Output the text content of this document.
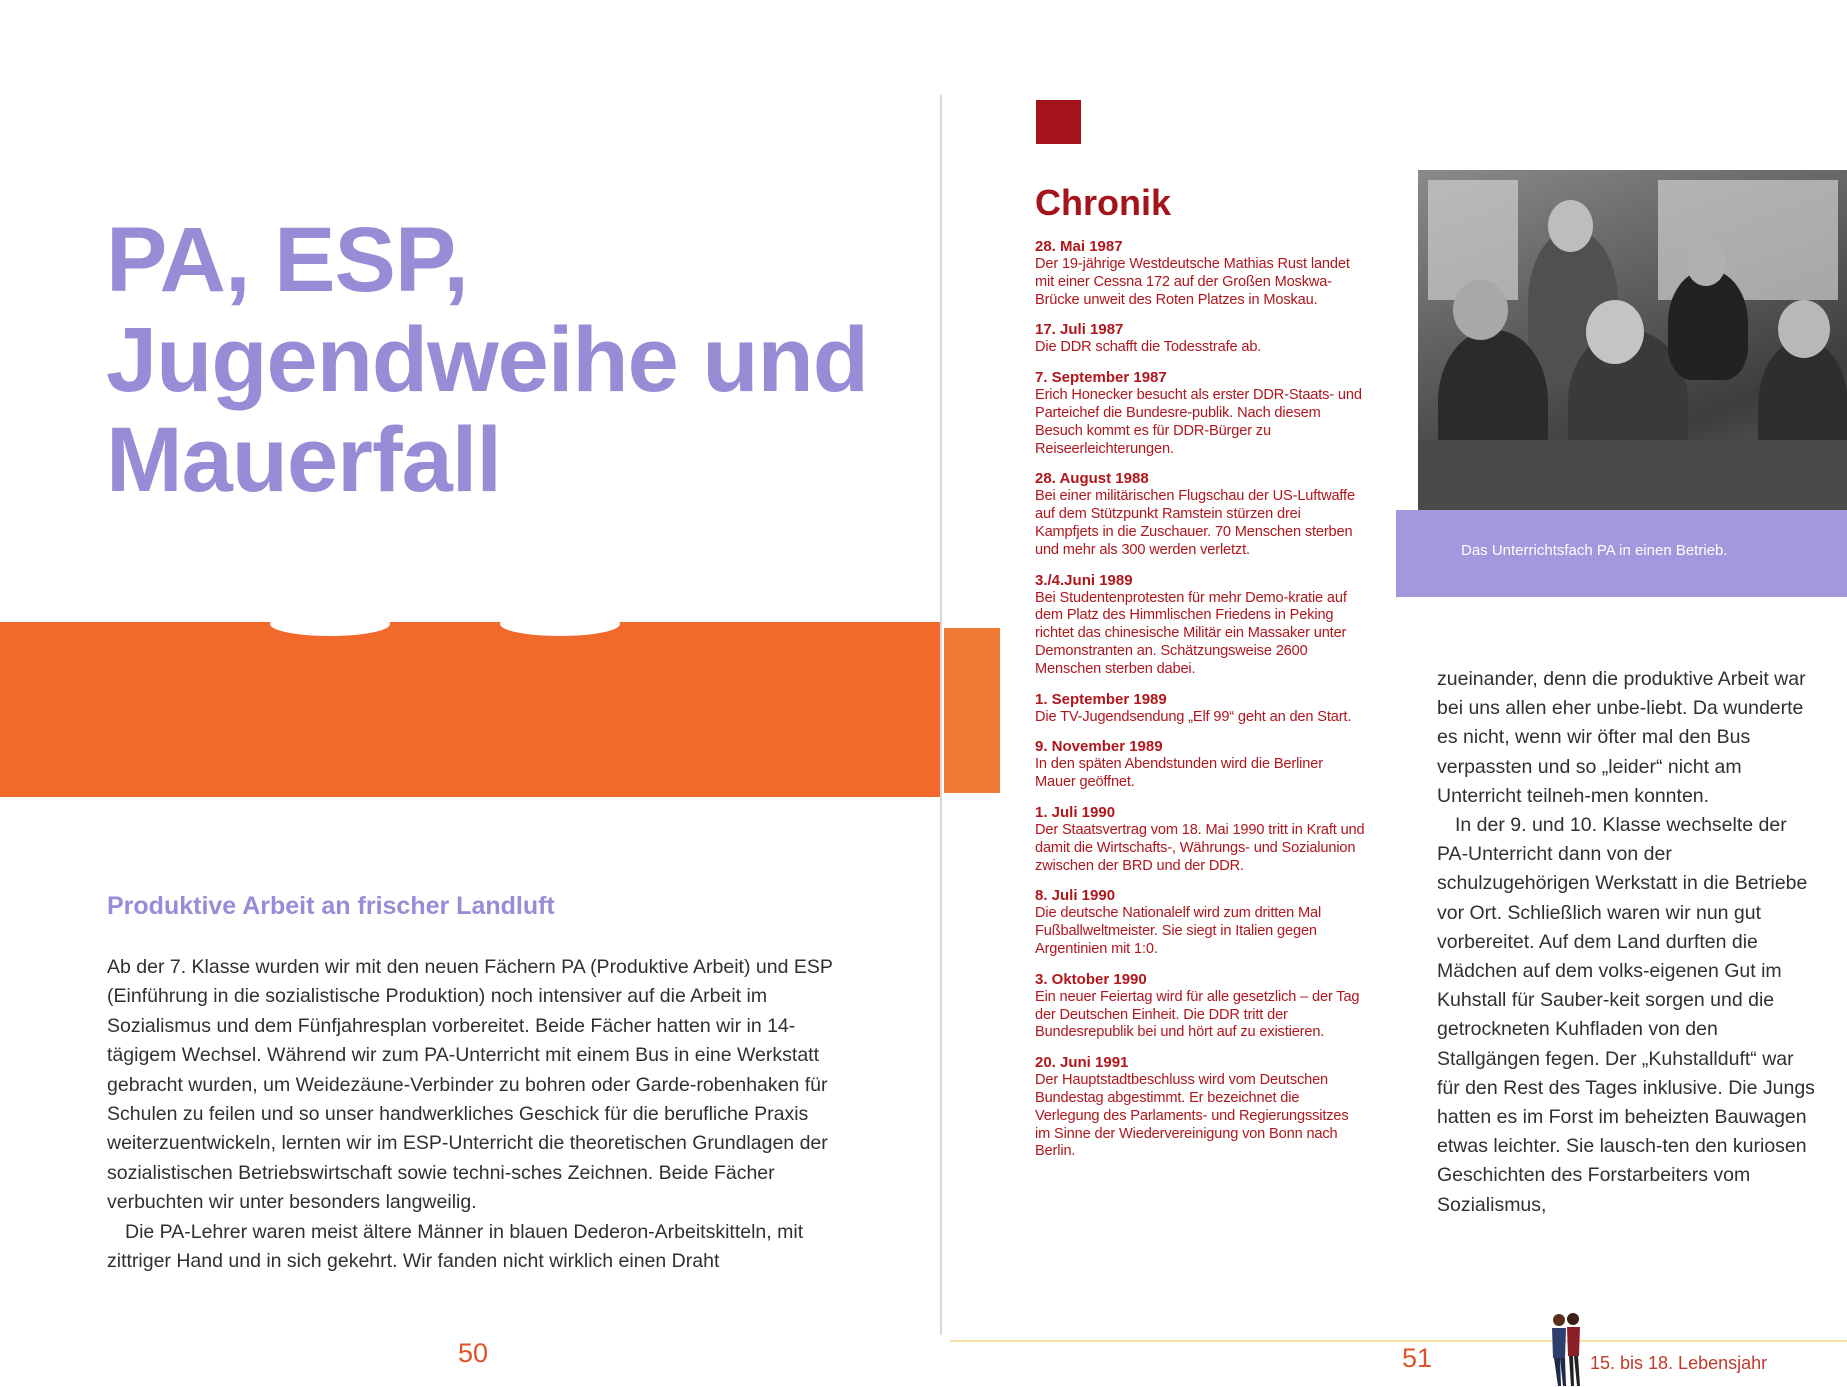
PA, ESP,
Jugendweihe und
Mauerfall
Produktive Arbeit an frischer Landluft

Ab der 7. Klasse wurden wir mit den neuen Fächern PA (Produktive Arbeit) und ESP (Einführung in die sozialistische Produktion) noch intensiver auf die Arbeit im Sozialismus und dem Fünfjahresplan vorbereitet. Beide Fächer hatten wir in 14-tägigem Wechsel. Während wir zum PA-Unterricht mit einem Bus in eine Werkstatt gebracht wurden, um Weidezäune-Verbinder zu bohren oder Garde-robenhaken für Schulen zu feilen und so unser handwerkliches Geschick für die berufliche Praxis weiterzuentwickeln, lernten wir im ESP-Unterricht die theoretischen Grundlagen der sozialistischen Betriebswirtschaft sowie techni-sches Zeichnen. Beide Fächer verbuchten wir unter besonders langweilig.

Die PA-Lehrer waren meist ältere Männer in blauen Dederon-Arbeitskitteln, mit zittriger Hand und in sich gekehrt. Wir fanden nicht wirklich einen Draht

50
Chronik
28. Mai 1987
Der 19-jährige Westdeutsche Mathias Rust landet mit einer Cessna 172 auf der Großen Moskwa-Brücke unweit des Roten Platzes in Moskau.
17. Juli 1987
Die DDR schafft die Todesstrafe ab.
7. September 1987
Erich Honecker besucht als erster DDR-Staats- und Parteichef die Bundesre-publik. Nach diesem Besuch kommt es für DDR-Bürger zu Reiseerleichterungen.
28. August 1988
Bei einer militärischen Flugschau der US-Luftwaffe auf dem Stützpunkt Ramstein stürzen drei Kampfjets in die Zuschauer. 70 Menschen sterben und mehr als 300 werden verletzt.
3./4.Juni 1989
Bei Studentenprotesten für mehr Demo-kratie auf dem Platz des Himmlischen Friedens in Peking richtet das chinesische Militär ein Massaker unter Demonstranten an. Schätzungsweise 2600 Menschen sterben dabei.
1. September 1989
Die TV-Jugendsendung „Elf 99“ geht an den Start.
9. November 1989
In den späten Abendstunden wird die Berliner Mauer geöffnet.
1. Juli 1990
Der Staatsvertrag vom 18. Mai 1990 tritt in Kraft und damit die Wirtschafts-, Währungs- und Sozialunion zwischen der BRD und der DDR.
8. Juli 1990
Die deutsche Nationalelf wird zum dritten Mal Fußballweltmeister. Sie siegt in Italien gegen Argentinien mit 1:0.
3. Oktober 1990
Ein neuer Feiertag wird für alle gesetzlich – der Tag der Deutschen Einheit. Die DDR tritt der Bundesrepublik bei und hört auf zu existieren.
20. Juni 1991
Der Hauptstadtbeschluss wird vom Deutschen Bundestag abgestimmt. Er bezeichnet die Verlegung des Parlaments- und Regierungssitzes im Sinne der Wiedervereinigung von Bonn nach Berlin.
Das Unterrichtsfach PA in einen Betrieb.

zueinander, denn die produktive Arbeit war bei uns allen eher unbe-liebt. Da wunderte es nicht, wenn wir öfter mal den Bus verpassten und so „leider“ nicht am Unterricht teilneh-men konnten.

In der 9. und 10. Klasse wechselte der PA-Unterricht dann von der schulzugehörigen Werkstatt in die Betriebe vor Ort. Schließlich waren wir nun gut vorbereitet. Auf dem Land durften die Mädchen auf dem volks-eigenen Gut im Kuhstall für Sauber-keit sorgen und die getrockneten Kuhfladen von den Stallgängen fegen. Der „Kuhstallduft“ war für den Rest des Tages inklusive. Die Jungs hatten es im Forst im beheizten Bauwagen etwas leichter. Sie lausch-ten den kuriosen Geschichten des Forstarbeiters vom Sozialismus,

51	15. bis 18. Lebensjahr
